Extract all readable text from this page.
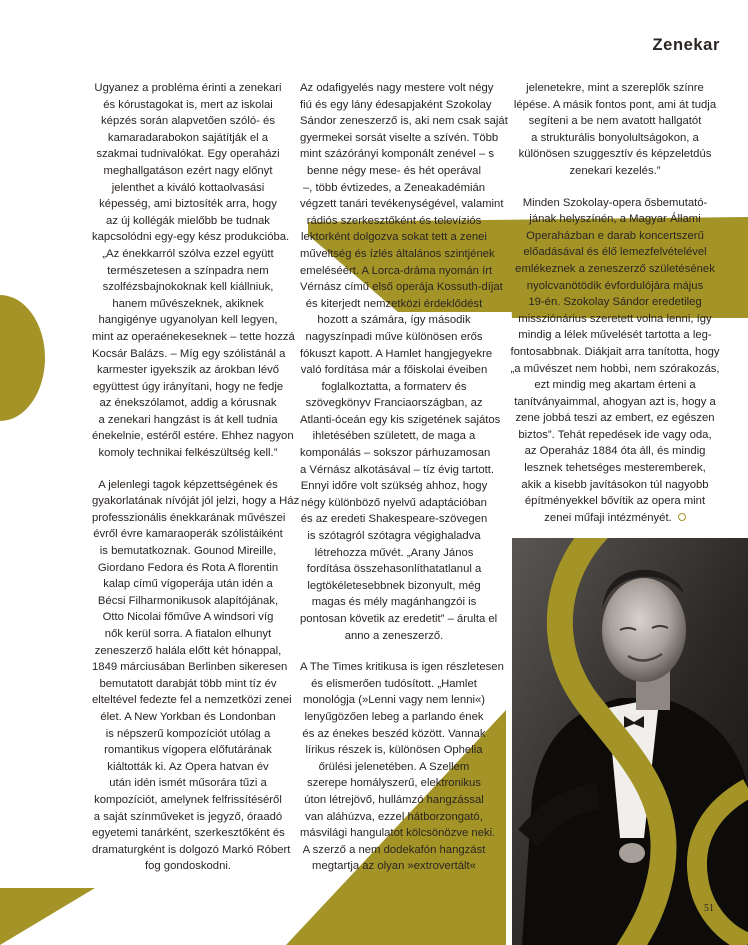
Zenekar

Ugyanez a probléma érinti a zenekari

és kórustagokat is, mert az iskolai

képzés során alapvetően szóló- és

kamaradarabokon sajátítják el a

szakmai tudnivalókat. Egy operaházi

meghallgatáson ezért nagy előnyt

jelenthet a kiváló kottaolvasási

képesség, ami biztosíték arra, hogy

az új kollégák mielőbb be tudnak

kapcsolódni egy-egy kész produkcióba.

„Az énekkarról szólva ezzel együtt

természetesen a színpadra nem

szolfézsbajnokoknak kell kiállniuk,

hanem művészeknek, akiknek

hangigénye ugyanolyan kell legyen,

mint az operaénekeseknek – tette hozzá

Kocsár Balázs. – Míg egy szólistánál a

karmester igyekszik az árokban lévő

együttest úgy irányítani, hogy ne fedje

az énekszólamot, addig a kórusnak

a zenekari hangzást is át kell tudnia

énekelnie, estéről estére. Ehhez nagyon

komoly technikai felkészültség kell.”

A jelenlegi tagok képzettségének és

gyakorlatának nívóját jól jelzi, hogy a Ház

professzionális énekkarának művészei

évről évre kamaraoperák szólistáiként

is bemutatkoznak. Gounod Mireille,

Giordano Fedora és Rota A florentin

kalap című vígoperája után idén a

Bécsi Filharmonikusok alapítójának,

Otto Nicolai főműve A windsori víg

nők kerül sorra. A fiatalon elhunyt

zeneszerző halála előtt két hónappal,

1849 márciusában Berlinben sikeresen

bemutatott darabját több mint tíz év

elteltével fedezte fel a nemzetközi zenei

élet. A New Yorkban és Londonban

is népszerű kompozíciót utólag a

romantikus vígopera előfutárának

kiáltották ki. Az Opera hatvan év

után idén ismét műsorára tűzi a

kompozíciót, amelynek felfrissítéséről

a saját színműveket is jegyző, óraadó

egyetemi tanárként, szerkesztőként és

dramaturgként is dolgozó Markó Róbert

fog gondoskodni.

Az odafigyelés nagy mestere volt négy

fiú és egy lány édesapjaként Szokolay

Sándor zeneszerző is, aki nem csak saját

gyermekei sorsát viselte a szívén. Több

mint százórányi komponált zenével – s

benne négy mese- és hét operával

–, több évtizedes, a Zeneakadémián

végzett tanári tevékenységével, valamint

rádiós szerkesztőként és televíziós

lektorként dolgozva sokat tett a zenei

műveltség és ízlés általános szintjének

emeléséért. A Lorca-dráma nyomán írt

Vérnász című első operája Kossuth-díjat

és kiterjedt nemzetközi érdeklődést

hozott a számára, így második

nagyszínpadi műve különösen erős

fókuszt kapott. A Hamlet hangjegyekre

való fordítása már a főiskolai éveiben

foglalkoztatta, a formaterv és

szövegkönyv Franciaországban, az

Atlanti-óceán egy kis szigetének sajátos

ihletésében született, de maga a

komponálás – sokszor párhuzamosan

a Vérnász alkotásával – tíz évig tartott.

Ennyi időre volt szükség ahhoz, hogy

négy különböző nyelvű adaptációban

és az eredeti Shakespeare-szövegen

is szótagról szótagra végighaladva

létrehozza művét. „Arany János

fordítása összehasonlíthatatlanul a

legtökéletesebbnek bizonyult, még

magas és mély magánhangzói is

pontosan követik az eredetit” – árulta el

anno a zeneszerző.

A The Times kritikusa is igen részletesen

és elismerően tudósított. „Hamlet

monológja (»Lenni vagy nem lenni«)

lenyűgözően lebeg a parlando ének

és az énekes beszéd között. Vannak

lírikus részek is, különösen Ophelia

őrülési jelenetében. A Szellem

szerepe homályszerű, elektronikus

úton létrejövő, hullámzó hangzással

van aláhúzva, ezzel hátborzongató,

másvilági hangulatot kölcsönözve neki.

A szerző a nem dodekafón hangzást

megtartja az olyan »extrovertált«

jelenetekre, mint a szereplők színre

lépése. A másik fontos pont, ami át tudja

segíteni a be nem avatott hallgatót

a strukturális bonyolultságokon, a

különösen szuggesztív és képzeletdús

zenekari kezelés.”

Minden Szokolay-opera ősbemutató-

jának helyszínén, a Magyar Állami

Operaházban e darab koncertszerű

előadásával és élő lemezfelvételével

emlékeznek a zeneszerző születésének

nyolcvanötödik évfordulójára május

19-én. Szokolay Sándor eredetileg

missziónárius szeretett volna lenni, így

mindig a lélek művelését tartotta a leg-

fontosabbnak. Diákjait arra tanította, hogy

„a művészet nem hobbi, nem szórakozás,

ezt mindig meg akartam érteni a

tanítványaimmal, ahogyan azt is, hogy a

zene jobbá teszi az embert, ez egészen

biztos”. Tehát repedések ide vagy oda,

az Operaház 1884 óta áll, és mindig

lesznek tehetséges mesteremberek,

akik a kisebb javításokon túl nagyobb

építményekkel bővítik az opera mint

zenei műfaji intézményét.

51
